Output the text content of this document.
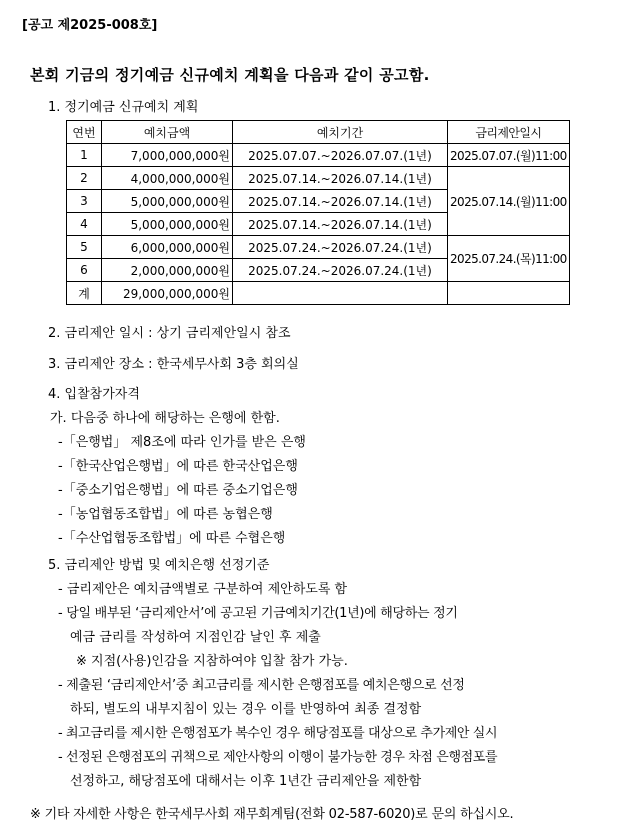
[공고 제2025-008호]
본회 기금의 정기예금 신규예치 계획을 다음과 같이 공고함.
1. 정기예금 신규예치 계획
연번	예치금액	예치기간	금리제안일시
1	7,000,000,000원	2025.07.07.~2026.07.07.(1년)	2025.07.07.(월)11:00
2	4,000,000,000원	2025.07.14.~2026.07.14.(1년)	2025.07.14.(월)11:00
3	5,000,000,000원	2025.07.14.~2026.07.14.(1년)	
4	5,000,000,000원	2025.07.14.~2026.07.14.(1년)	
5	6,000,000,000원	2025.07.24.~2026.07.24.(1년)	2025.07.24.(목)11:00
6	2,000,000,000원	2025.07.24.~2026.07.24.(1년)	
계	29,000,000,000원		
2. 금리제안 일시 : 상기 금리제안일시 참조
3. 금리제안 장소 : 한국세무사회 3층 회의실
4. 입찰참가자격
가. 다음중 하나에 해당하는 은행에 한함.
-「은행법」 제8조에 따라 인가를 받은 은행
-「한국산업은행법」에 따른 한국산업은행
-「중소기업은행법」에 따른 중소기업은행
-「농업협동조합법」에 따른 농협은행
-「수산업협동조합법」에 따른 수협은행
5. 금리제안 방법 및 예치은행 선정기준
- 금리제안은 예치금액별로 구분하여 제안하도록 함
- 당일 배부된 ‘금리제안서’에 공고된 기금예치기간(1년)에 해당하는 정기
예금 금리를 작성하여 지점인감 날인 후 제출
※ 지점(사용)인감을 지참하여야 입찰 참가 가능.
- 제출된 ‘금리제안서’중 최고금리를 제시한 은행점포를 예치은행으로 선정
하되, 별도의 내부지침이 있는 경우 이를 반영하여 최종 결정함
- 최고금리를 제시한 은행점포가 복수인 경우 해당점포를 대상으로 추가제안 실시
- 선정된 은행점포의 귀책으로 제안사항의 이행이 불가능한 경우 차점 은행점포를
선정하고, 해당점포에 대해서는 이후 1년간 금리제안을 제한함
※ 기타 자세한 사항은 한국세무사회 재무회계팀(전화 02-587-6020)로 문의 하십시오.
